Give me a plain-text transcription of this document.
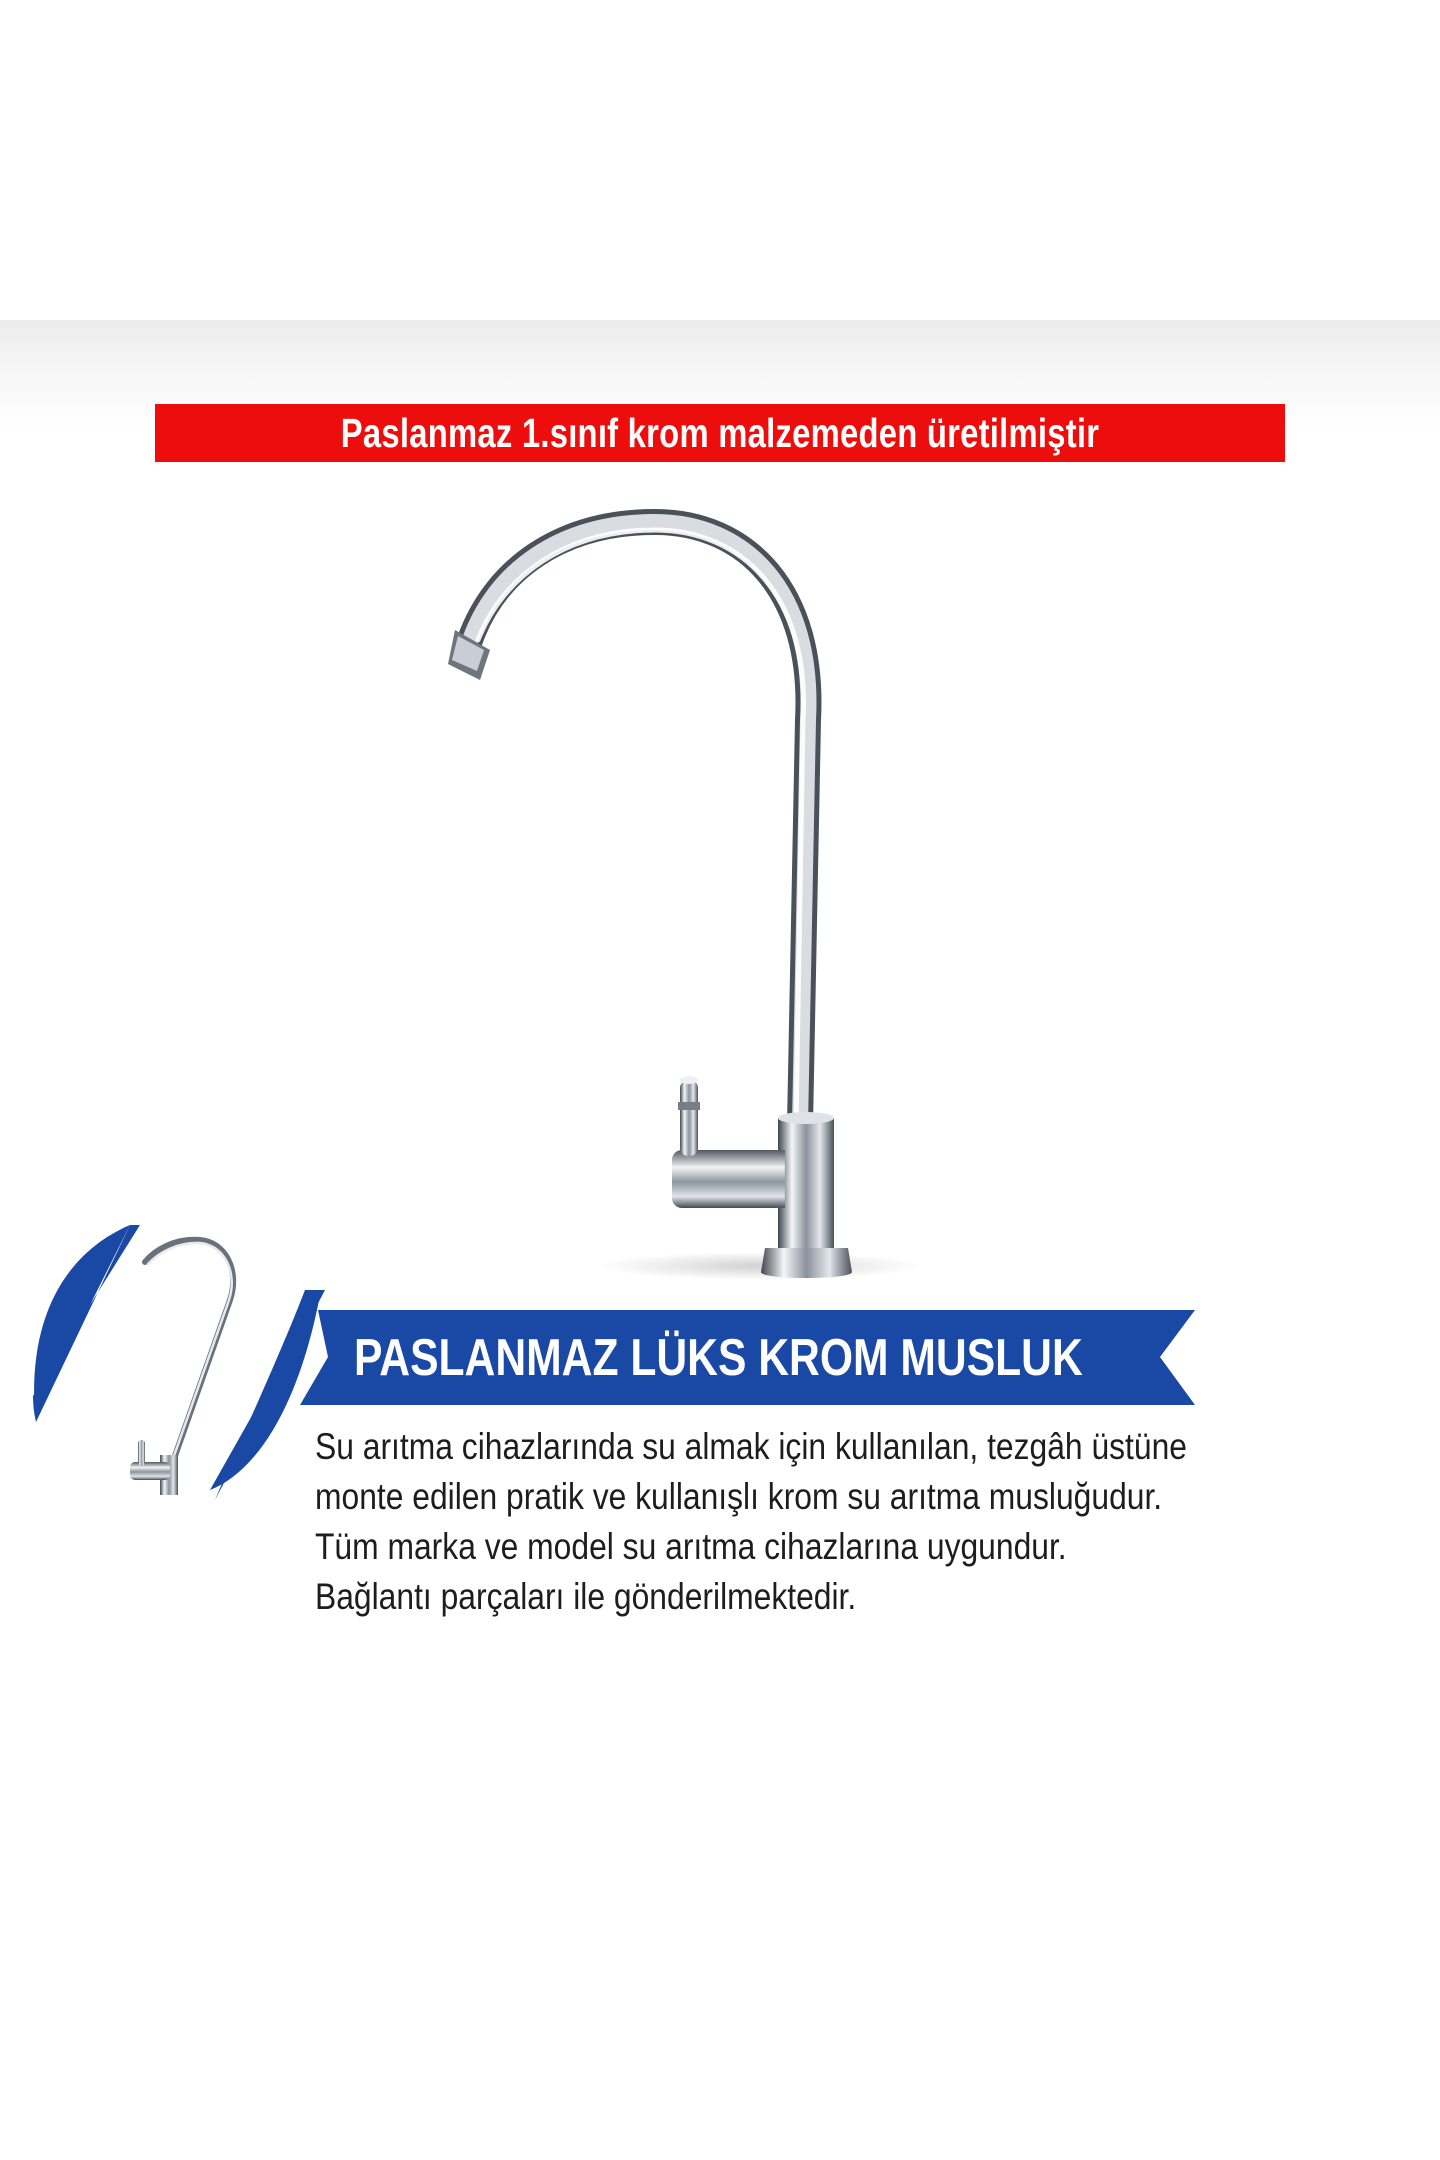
Paslanmaz 1.sınıf krom malzemeden üretilmiştir
PASLANMAZ LÜKS KROM MUSLUK
Su arıtma cihazlarında su almak için kullanılan, tezgâh üstüne
monte edilen pratik ve kullanışlı krom su arıtma musluğudur.
Tüm marka ve model su arıtma cihazlarına uygundur.
Bağlantı parçaları ile gönderilmektedir.
